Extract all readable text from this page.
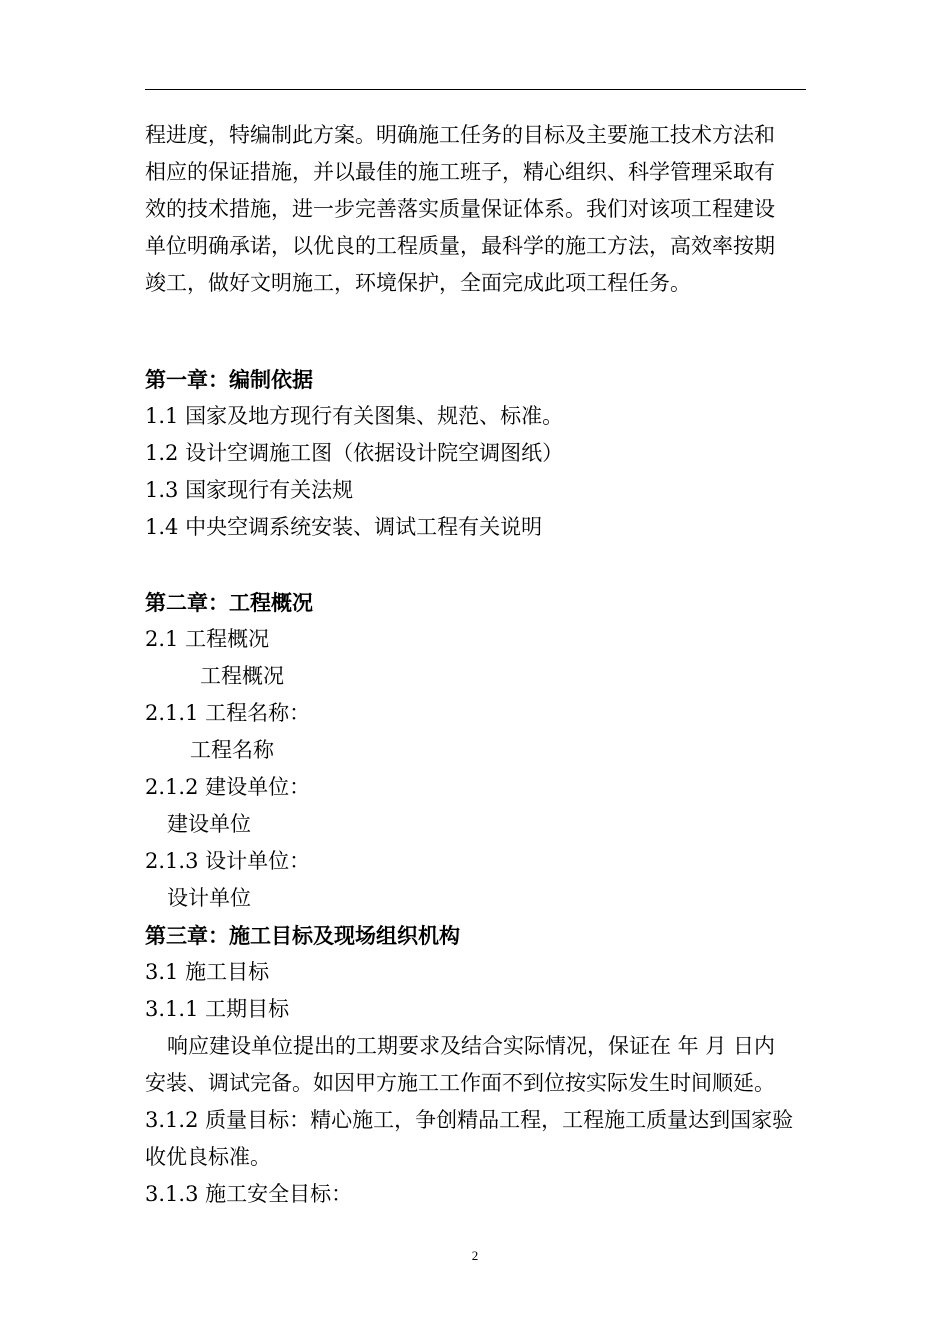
程进度，特编制此方案。明确施工任务的目标及主要施工技术方法和
相应的保证措施，并以最佳的施工班子，精心组织、科学管理采取有
效的技术措施，进一步完善落实质量保证体系。我们对该项工程建设
单位明确承诺，以优良的工程质量，最科学的施工方法，高效率按期
竣工，做好文明施工，环境保护，全面完成此项工程任务。
第一章：编制依据
1.1 国家及地方现行有关图集、规范、标准。
1.2 设计空调施工图（依据设计院空调图纸）
1.3 国家现行有关法规
1.4 中央空调系统安装、调试工程有关说明
第二章：工程概况
2.1 工程概况
工程概况
2.1.1 工程名称：
工程名称
2.1.2 建设单位：
建设单位
2.1.3 设计单位：
设计单位
第三章：施工目标及现场组织机构
3.1 施工目标
3.1.1 工期目标
响应建设单位提出的工期要求及结合实际情况，保证在 年 月 日内
安装、调试完备。如因甲方施工工作面不到位按实际发生时间顺延。
3.1.2 质量目标：精心施工，争创精品工程，工程施工质量达到国家验
收优良标准。
3.1.3 施工安全目标：
2
